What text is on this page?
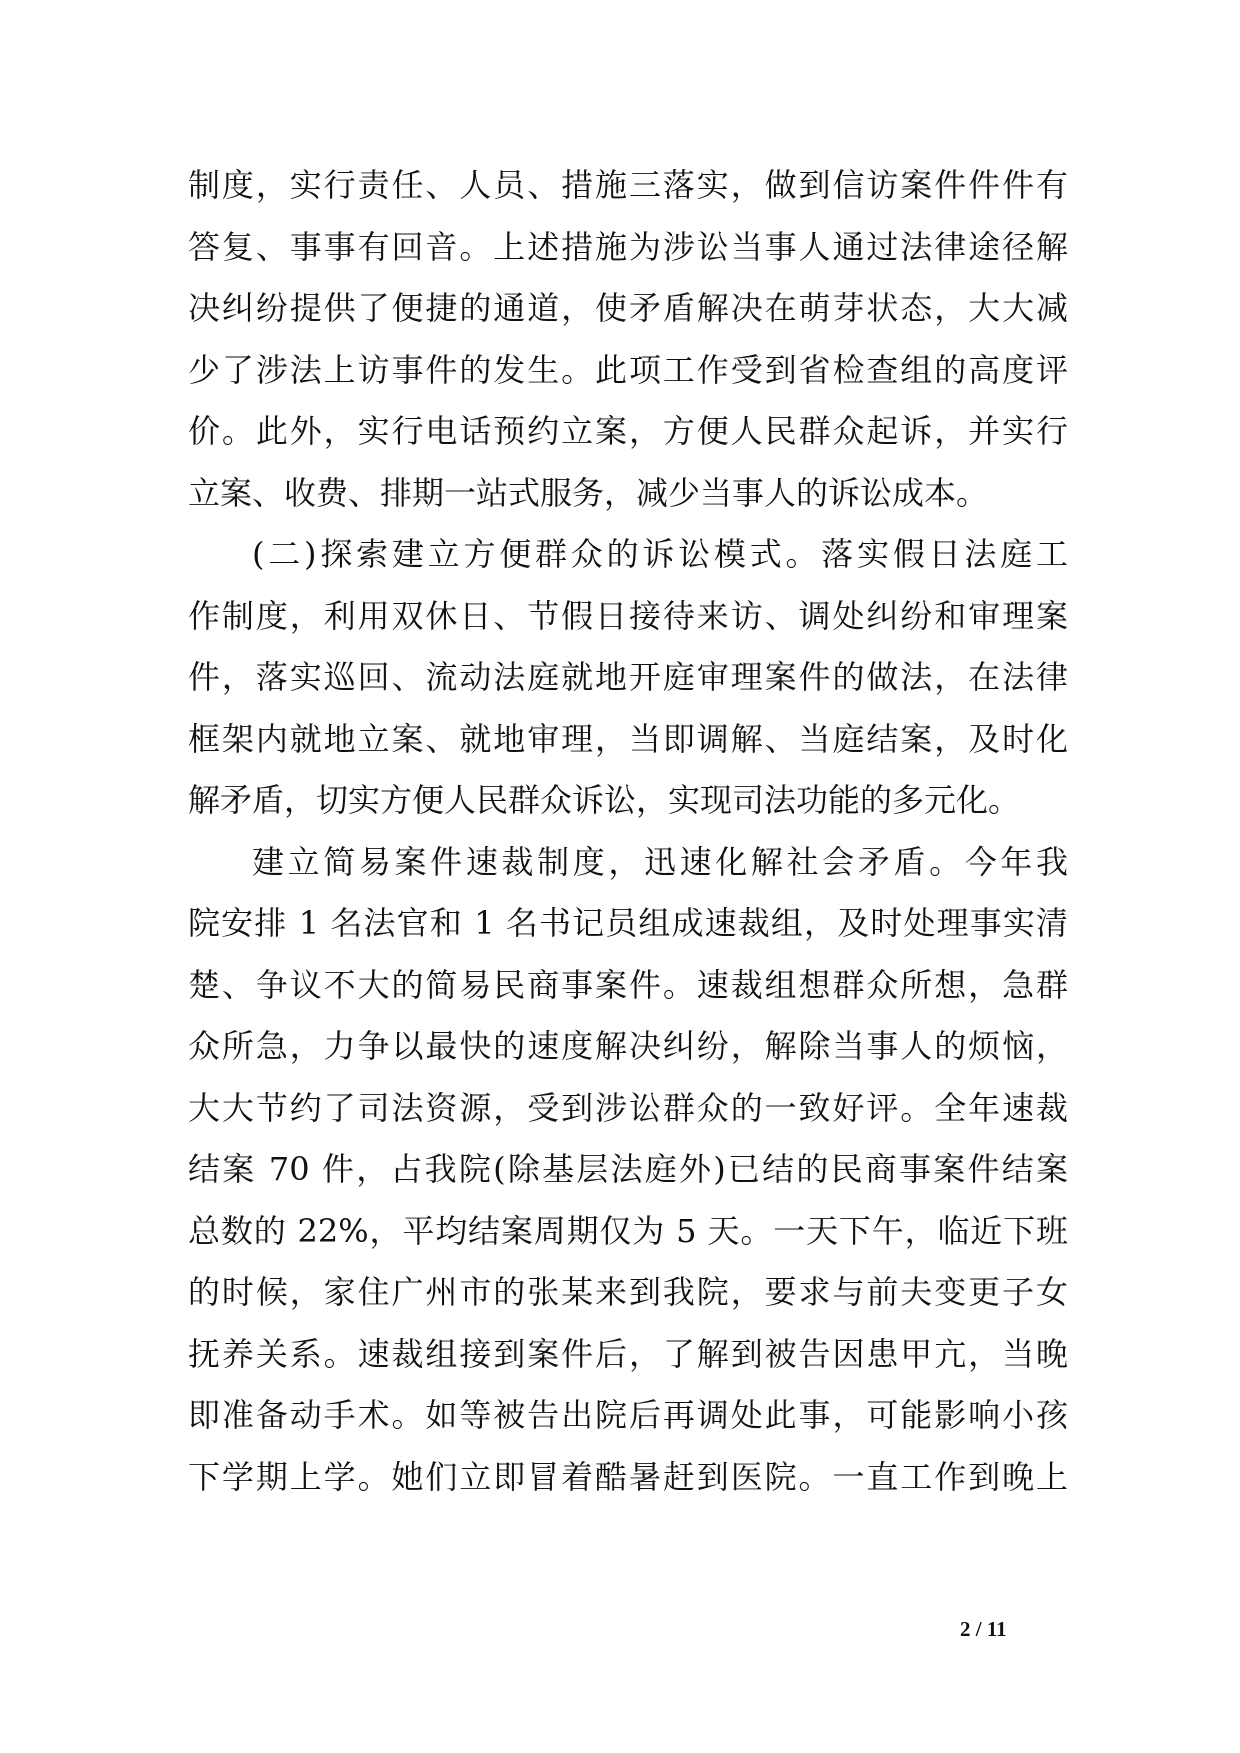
制度，实行责任、人员、措施三落实，做到信访案件件件有
答复、事事有回音。上述措施为涉讼当事人通过法律途径解
决纠纷提供了便捷的通道，使矛盾解决在萌芽状态，大大减
少了涉法上访事件的发生。此项工作受到省检查组的高度评
价。此外，实行电话预约立案，方便人民群众起诉，并实行
立案、收费、排期一站式服务，减少当事人的诉讼成本。
(二)探索建立方便群众的诉讼模式。落实假日法庭工
作制度，利用双休日、节假日接待来访、调处纠纷和审理案
件，落实巡回、流动法庭就地开庭审理案件的做法，在法律
框架内就地立案、就地审理，当即调解、当庭结案，及时化
解矛盾，切实方便人民群众诉讼，实现司法功能的多元化。
建立简易案件速裁制度，迅速化解社会矛盾。今年我
院安排 1 名法官和 1 名书记员组成速裁组，及时处理事实清
楚、争议不大的简易民商事案件。速裁组想群众所想，急群
众所急，力争以最快的速度解决纠纷，解除当事人的烦恼，
大大节约了司法资源，受到涉讼群众的一致好评。全年速裁
结案 70 件，占我院(除基层法庭外)已结的民商事案件结案
总数的 22%，平均结案周期仅为 5 天。一天下午，临近下班
的时候，家住广州市的张某来到我院，要求与前夫变更子女
抚养关系。速裁组接到案件后，了解到被告因患甲亢，当晚
即准备动手术。如等被告出院后再调处此事，可能影响小孩
下学期上学。她们立即冒着酷暑赶到医院。一直工作到晚上
2 / 11
